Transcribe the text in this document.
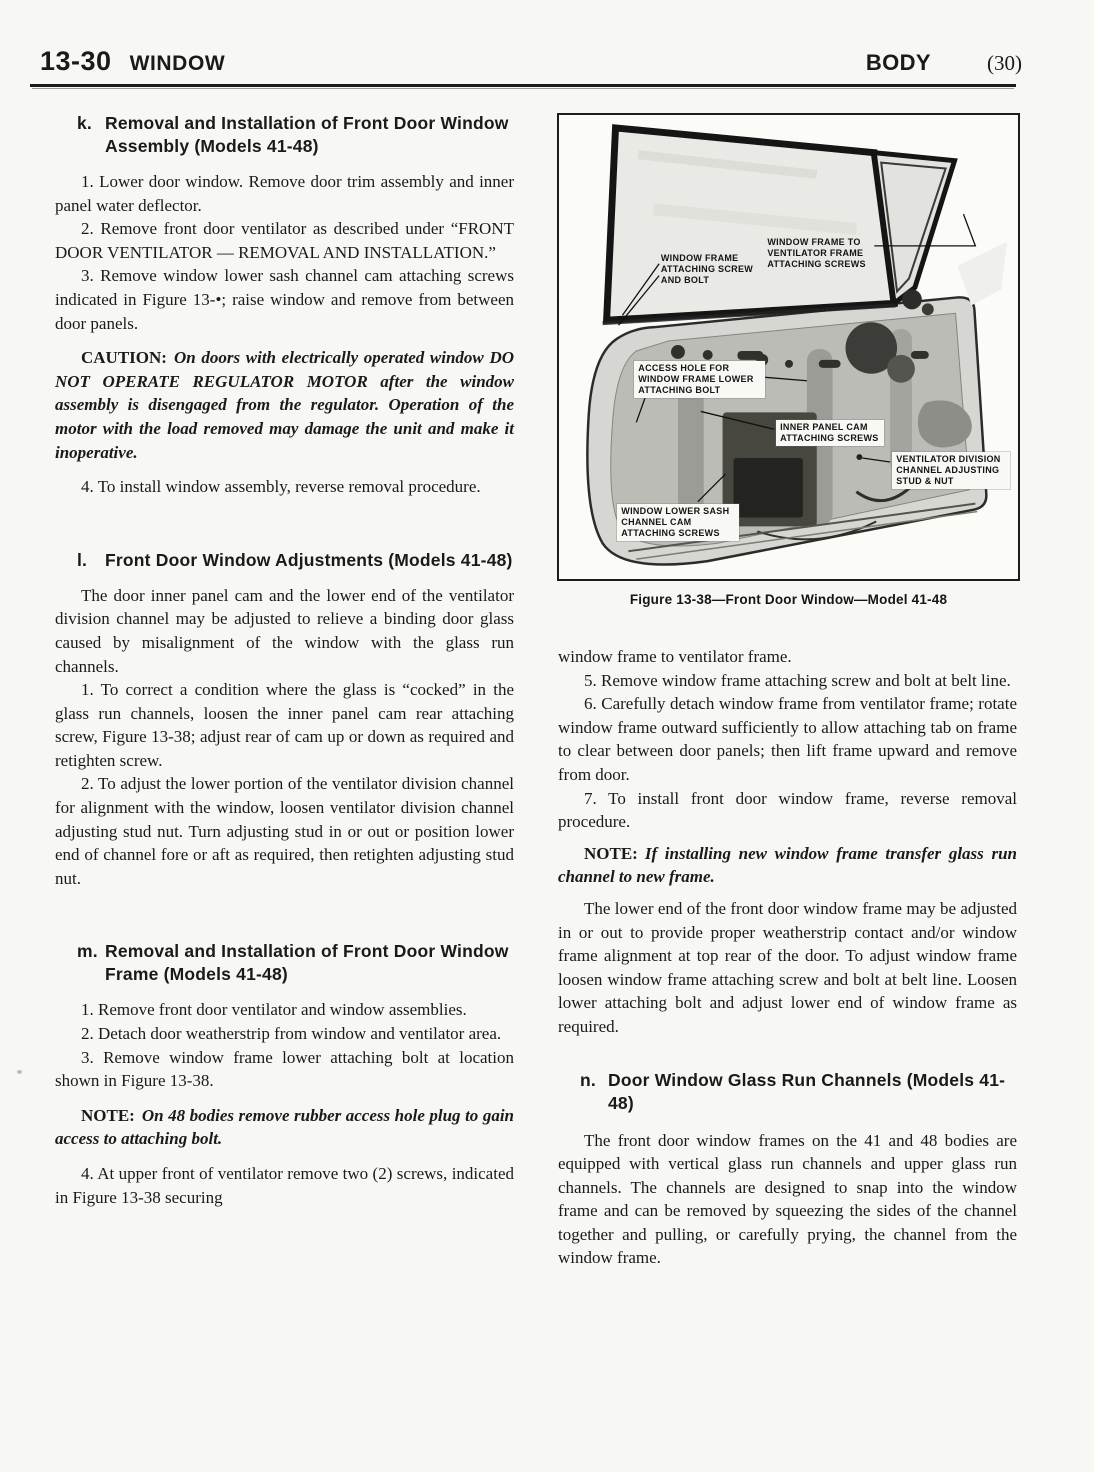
13-30 WINDOW	BODY	(30)
k. Removal and Installation of Front Door Window Assembly (Models 41-48)

1. Lower door window. Remove door trim assembly and inner panel water deflector.

2. Remove front door ventilator as described under “FRONT DOOR VENTILATOR — REMOVAL AND INSTALLATION.”

3. Remove window lower sash channel cam attaching screws indicated in Figure 13-•; raise window and remove from between door panels.

CAUTION: On doors with electrically operated window DO NOT OPERATE REGULATOR MOTOR after the window assembly is disengaged from the regulator. Operation of the motor with the load removed may damage the unit and make it inoperative.

4. To install window assembly, reverse removal procedure.

l.	Front Door Window Adjustments (Models 41-48)

The door inner panel cam and the lower end of the ventilator division channel may be adjusted to relieve a binding door glass caused by misalignment of the window with the glass run channels.

1. To correct a condition where the glass is “cocked” in the glass run channels, loosen the inner panel cam rear attaching screw, Figure 13-38; adjust rear of cam up or down as required and retighten screw.

2. To adjust the lower portion of the ventilator division channel for alignment with the window, loosen ventilator division channel adjusting stud nut. Turn adjusting stud in or out or position lower end of channel fore or aft as required, then retighten adjusting stud nut.

m. Removal and Installation of Front Door Window Frame (Models 41-48)

1. Remove front door ventilator and window assemblies.

2. Detach door weatherstrip from window and ventilator area.

3. Remove window frame lower attaching bolt at location shown in Figure 13-38.

NOTE: On 48 bodies remove rubber access hole plug to gain access to attaching bolt.

4. At upper front of ventilator remove two (2) screws, indicated in Figure 13-38 securing

WINDOW FRAME ATTACHING SCREW AND BOLT
WINDOW FRAME TO VENTILATOR FRAME ATTACHING SCREWS
ACCESS HOLE FOR WINDOW FRAME LOWER ATTACHING BOLT
INNER PANEL CAM ATTACHING SCREWS
VENTILATOR DIVISION CHANNEL ADJUSTING STUD & NUT
WINDOW LOWER SASH CHANNEL CAM ATTACHING SCREWS
Figure 13-38—Front Door Window—Model 41-48

window frame to ventilator frame.

5. Remove window frame attaching screw and bolt at belt line.

6. Carefully detach window frame from ventilator frame; rotate window frame outward sufficiently to allow attaching tab on frame to clear between door panels; then lift frame upward and remove from door.

7. To install front door window frame, reverse removal procedure.

NOTE: If installing new window frame transfer glass run channel to new frame.

The lower end of the front door window frame may be adjusted in or out to provide proper weatherstrip contact and/or window frame alignment at top rear of the door. To adjust window frame loosen window frame attaching screw and bolt at belt line. Loosen lower attaching bolt and adjust lower end of window frame as required.

n. Door Window Glass Run Channels (Models 41-48)

The front door window frames on the 41 and 48 bodies are equipped with vertical glass run channels and upper glass run channels. The channels are designed to snap into the window frame and can be removed by squeezing the sides of the channel together and pulling, or carefully prying, the channel from the window frame.
